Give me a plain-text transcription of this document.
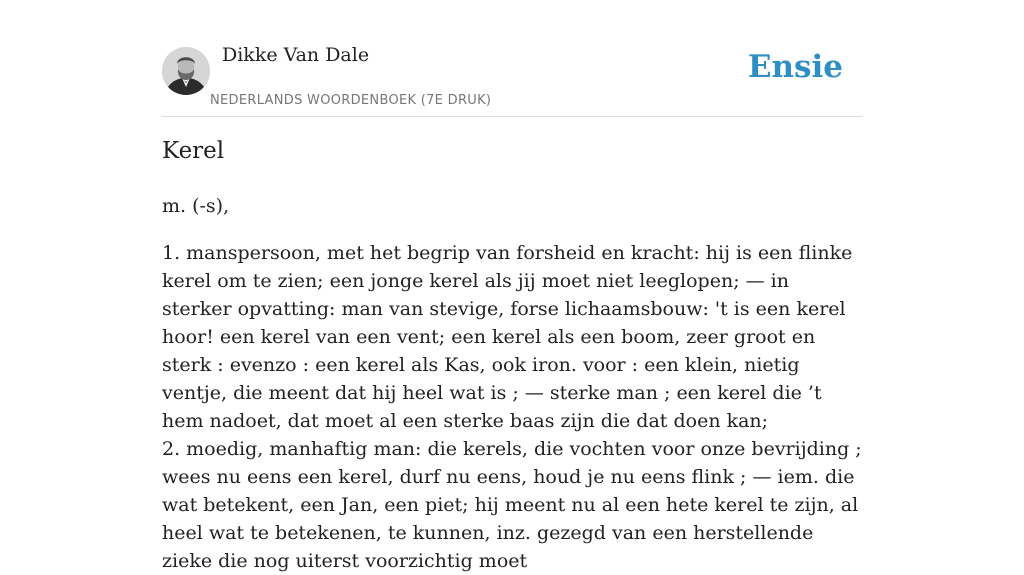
Dikke Van Dale
NEDERLANDS WOORDENBOEK (7E DRUK)
Ensie
Kerel

m. (-s),

1. manspersoon, met het begrip van forsheid en kracht: hij is een flinke kerel om te zien; een jonge kerel als jij moet niet leeglopen; — in sterker opvatting: man van stevige, forse lichaamsbouw: 't is een kerel hoor! een kerel van een vent; een kerel als een boom, zeer groot en sterk : evenzo : een kerel als Kas, ook iron. voor : een klein, nietig ventje, die meent dat hij heel wat is ; — sterke man ; een kerel die ’t hem nadoet, dat moet al een sterke baas zijn die dat doen kan;

2. moedig, manhaftig man: die kerels, die vochten voor onze bevrijding ; wees nu eens een kerel, durf nu eens, houd je nu eens flink ; — iem. die wat betekent, een Jan, een piet; hij meent nu al een hete kerel te zijn, al heel wat te betekenen, te kunnen, inz. gezegd van een herstellende zieke die nog uiterst voorzichtig moet
